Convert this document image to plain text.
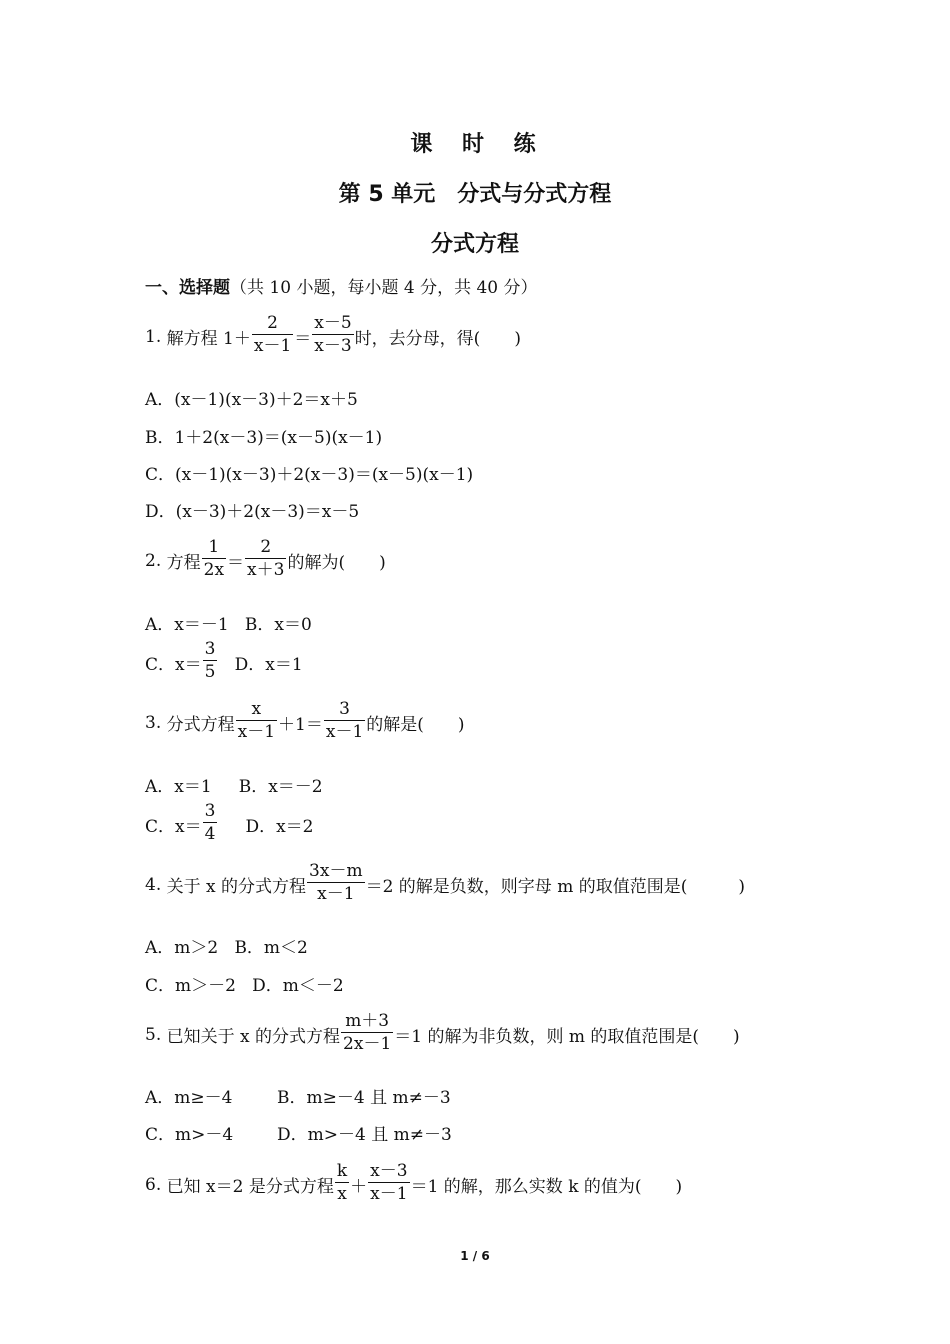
课 时 练
第 5 单元　分式与分式方程
分式方程
一、选择题（共 10 小题，每小题 4 分，共 40 分）
1.
解方程 $1+ \frac{2}{x-1} = \frac{x-5}{x-3}$ 时，去分母，得(　　)
A．(x－1)(x－3)＋2＝x＋5
B．1＋2(x－3)＝(x－5)(x－1)
C．(x－1)(x－3)＋2(x－3)＝(x－5)(x－1)
D．(x－3)＋2(x－3)＝x－5
2.
方程 $\frac{1}{2x} = \frac{2}{x+3}$ 的解为(　　)
A．x＝－1 B．x＝0
C．$x= \frac{3}{5}$
D．x＝1
3.
分式方程 $\frac{x}{x-1} +1= \frac{3}{x-1}$ 的解是(　　)
A．x＝1 B．x＝－2
C．$x= \frac{3}{4}$
D．x＝2
4.
关于 x 的分式方程 $\frac{3x-m}{x-1} =2$ 的解是负数，则字母 m 的取值范围是(　　　)
A．m＞2 B．m＜2
C．m＞－2 D．m＜－2
5.
已知关于 x 的分式方程 $\frac{m+3}{2x-1} =1$ 的解为非负数，则 m 的取值范围是(　　)
A．m≥－4	B．m≥－4 且 m≠－3
C．m>－4	D．m>－4 且 m≠－3
6.
已知 x＝2 是分式方程 $\frac{k}{x} + \frac{x-3}{x-1} =1$ 的解，那么实数 k 的值为(　　)
1 / 6
